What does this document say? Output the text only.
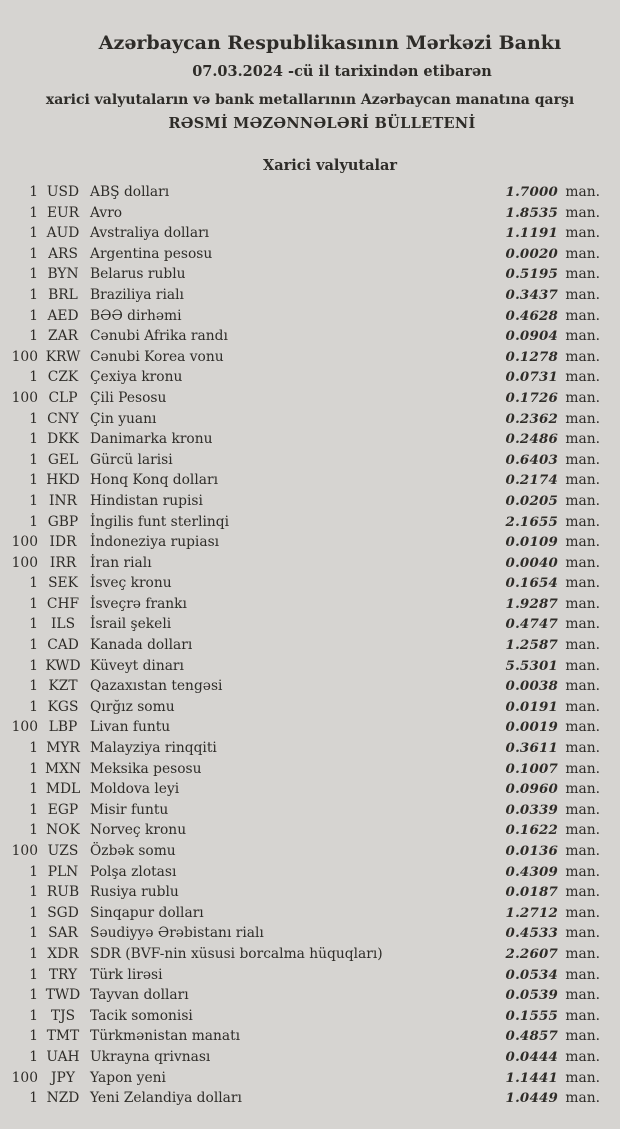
Azərbaycan Respublikasının Mərkəzi Bankı
07.03.2024 -cü il tarixindən etibarən
xarici valyutaların və bank metallarının Azərbaycan manatına qarşı
RƏSMİ MƏZƏNNƏLƏRİ BÜLLETENİ
Xarici valyutalar
1 USD ABŞ dolları	1.7000 man.
1 EUR Avro	1.8535 man.
1 AUD Avstraliya dolları	1.1191 man.
1 ARS Argentina pesosu	0.0020 man.
1 BYN Belarus rublu	0.5195 man.
1 BRL Braziliya rialı	0.3437 man.
1 AED BƏƏ dirhəmi	0.4628 man.
1 ZAR Cənubi Afrika randı	0.0904 man.
100 KRW Cənubi Korea vonu	0.1278 man.
1 CZK Çexiya kronu	0.0731 man.
100 CLP Çili Pesosu	0.1726 man.
1 CNY Çin yuanı	0.2362 man.
1 DKK Danimarka kronu	0.2486 man.
1 GEL Gürcü larisi	0.6403 man.
1 HKD Honq Konq dolları	0.2174 man.
1 INR Hindistan rupisi	0.0205 man.
1 GBP İngilis funt sterlinqi	2.1655 man.
100 IDR İndoneziya rupiası	0.0109 man.
100 IRR	İran rialı	0.0040 man.
1 SEK İsveç kronu	0.1654 man.
1 CHF İsveçrə frankı	1.9287 man.
1 ILS	İsrail şekeli	0.4747 man.
1 CAD Kanada dolları	1.2587 man.
1 KWD Küveyt dinarı	5.5301 man.
1 KZT Qazaxıstan tengəsi	0.0038 man.
1 KGS Qırğız somu	0.0191 man.
100 LBP Livan funtu	0.0019 man.
1 MYR Malayziya rinqqiti	0.3611 man.
1 MXN Meksika pesosu	0.1007 man.
1 MDL Moldova leyi	0.0960 man.
1 EGP Misir funtu	0.0339 man.
1 NOK Norveç kronu	0.1622 man.
100 UZS Özbək somu	0.0136 man.
1 PLN Polşa zlotası	0.4309 man.
1 RUB Rusiya rublu	0.0187 man.
1 SGD Sinqapur dolları	1.2712 man.
1 SAR Səudiyyə Ərəbistanı rialı	0.4533 man.
1 XDR SDR (BVF-nin xüsusi borcalma hüquqları)	2.2607 man.
1 TRY Türk lirəsi	0.0534 man.
1 TWD Tayvan dolları	0.0539 man.
1 TJS	Tacik somonisi	0.1555 man.
1 TMT Türkmənistan manatı	0.4857 man.
1 UAH Ukrayna qrivnası	0.0444 man.
100 JPY	Yapon yeni	1.1441 man.
1 NZD Yeni Zelandiya dolları	1.0449 man.
